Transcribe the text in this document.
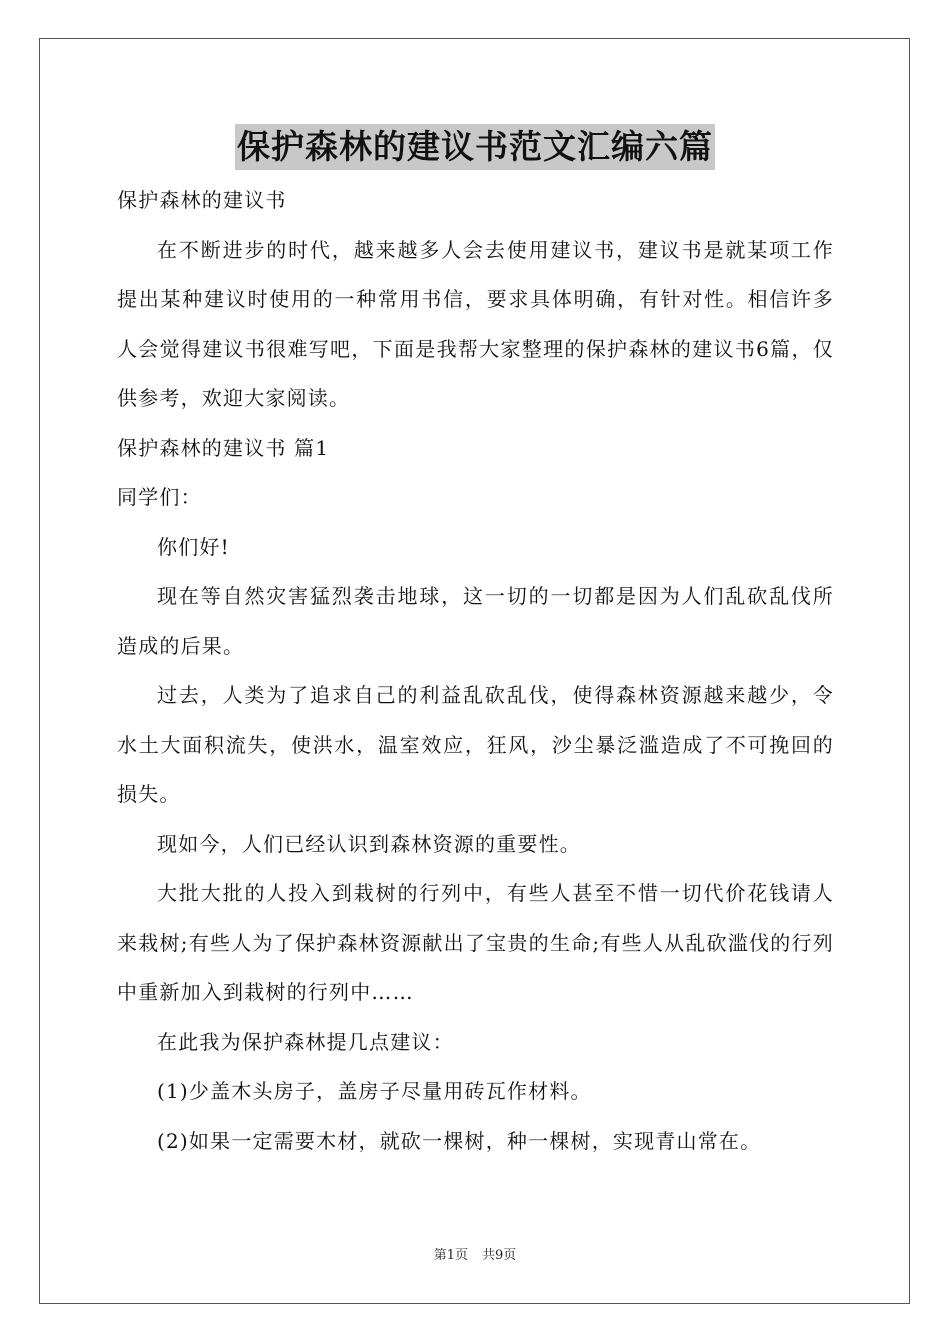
保护森林的建议书范文汇编六篇

保护森林的建议书

在不断进步的时代，越来越多人会去使用建议书，建议书是就某项工作提出某种建议时使用的一种常用书信，要求具体明确，有针对性。相信许多人会觉得建议书很难写吧，下面是我帮大家整理的保护森林的建议书6篇，仅供参考，欢迎大家阅读。

保护森林的建议书 篇1

同学们：

你们好!

现在等自然灾害猛烈袭击地球，这一切的一切都是因为人们乱砍乱伐所造成的后果。

过去，人类为了追求自己的利益乱砍乱伐，使得森林资源越来越少，令水土大面积流失，使洪水，温室效应，狂风，沙尘暴泛滥造成了不可挽回的损失。

现如今，人们已经认识到森林资源的重要性。

大批大批的人投入到栽树的行列中，有些人甚至不惜一切代价花钱请人来栽树;有些人为了保护森林资源献出了宝贵的生命;有些人从乱砍滥伐的行列中重新加入到栽树的行列中……

在此我为保护森林提几点建议：

(1)少盖木头房子，盖房子尽量用砖瓦作材料。

(2)如果一定需要木材，就砍一棵树，种一棵树，实现青山常在。

第1页 共9页
